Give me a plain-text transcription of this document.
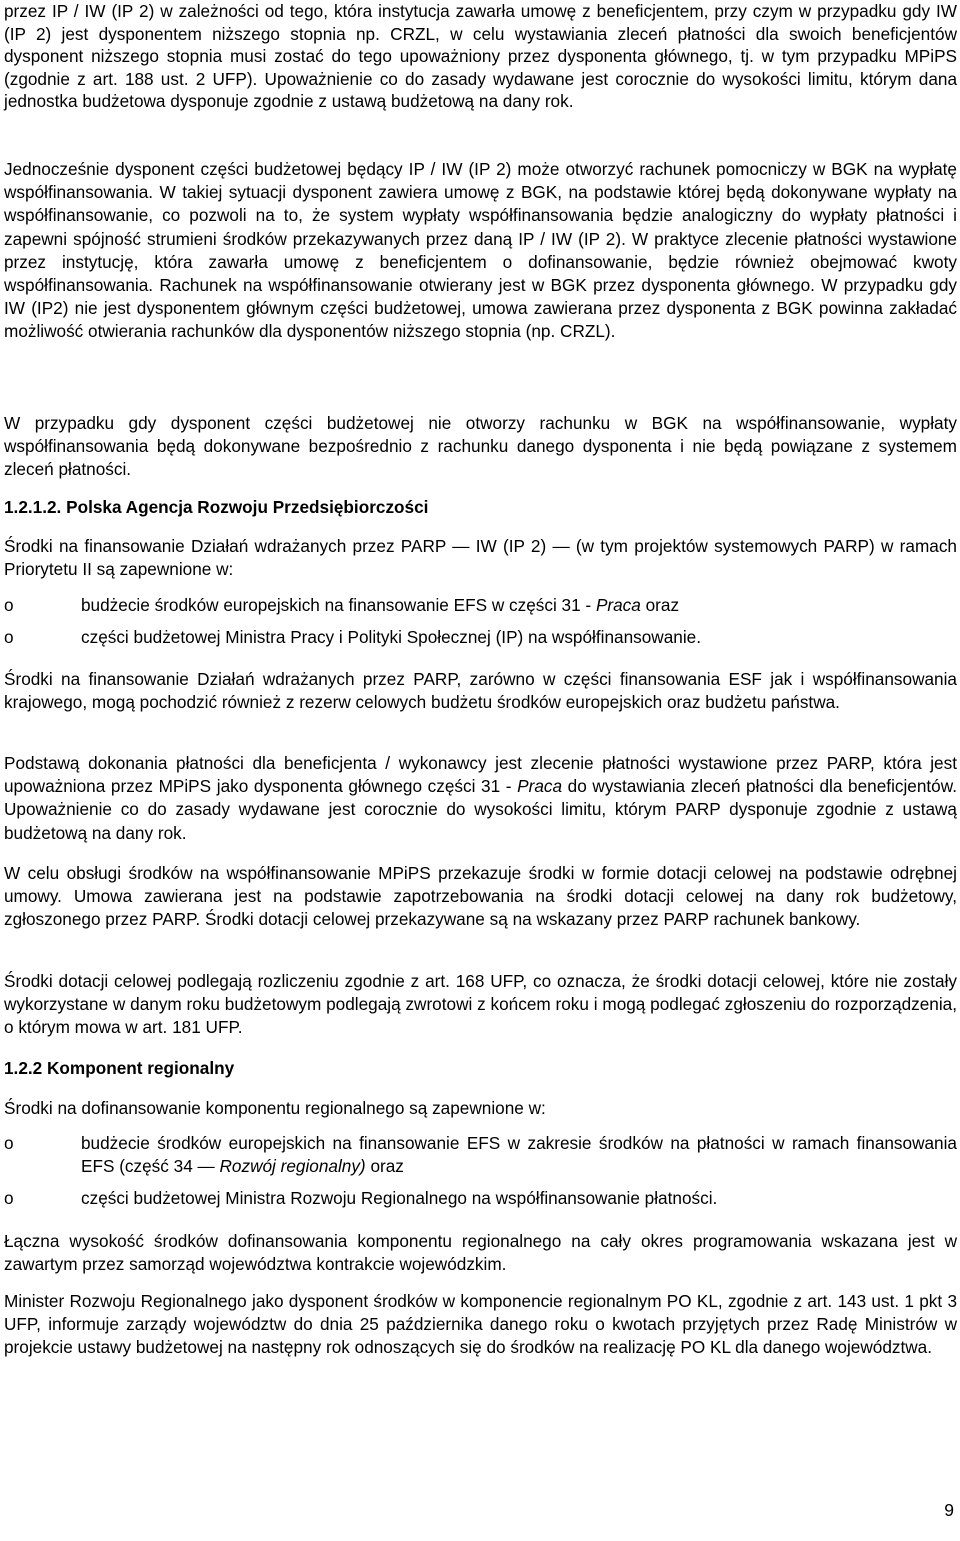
przez IP / IW (IP 2) w zależności od tego, która instytucja zawarła umowę z beneficjentem, przy czym w przypadku gdy IW (IP 2) jest dysponentem niższego stopnia np. CRZL, w celu wystawiania zleceń płatności dla swoich beneficjentów dysponent niższego stopnia musi zostać do tego upoważniony przez dysponenta głównego, tj. w tym przypadku MPiPS (zgodnie z art. 188 ust. 2 UFP). Upoważnienie co do zasady wydawane jest corocznie do wysokości limitu, którym dana jednostka budżetowa dysponuje zgodnie z ustawą budżetową na dany rok.

Jednocześnie dysponent części budżetowej będący IP / IW (IP 2) może otworzyć rachunek pomocniczy w BGK na wypłatę współfinansowania. W takiej sytuacji dysponent zawiera umowę z BGK, na podstawie której będą dokonywane wypłaty na współfinansowanie, co pozwoli na to, że system wypłaty współfinansowania będzie analogiczny do wypłaty płatności i zapewni spójność strumieni środków przekazywanych przez daną IP / IW (IP 2). W praktyce zlecenie płatności wystawione przez instytucję, która zawarła umowę z beneficjentem o dofinansowanie, będzie również obejmować kwoty współfinansowania. Rachunek na współfinansowanie otwierany jest w BGK przez dysponenta głównego. W przypadku gdy IW (IP2) nie jest dysponentem głównym części budżetowej, umowa zawierana przez dysponenta z BGK powinna zakładać możliwość otwierania rachunków dla dysponentów niższego stopnia (np. CRZL).

W przypadku gdy dysponent części budżetowej nie otworzy rachunku w BGK na współfinansowanie, wypłaty współfinansowania będą dokonywane bezpośrednio z rachunku danego dysponenta i nie będą powiązane z systemem zleceń płatności.

1.2.1.2. Polska Agencja Rozwoju Przedsiębiorczości

Środki na finansowanie Działań wdrażanych przez PARP ― IW (IP 2) ― (w tym projektów systemowych PARP) w ramach Priorytetu II są zapewnione w:

o	budżecie środków europejskich na finansowanie EFS w części 31 - Praca oraz
o	części budżetowej Ministra Pracy i Polityki Społecznej (IP) na współfinansowanie.

Środki na finansowanie Działań wdrażanych przez PARP, zarówno w części finansowania ESF jak i współfinansowania krajowego, mogą pochodzić również z rezerw celowych budżetu środków europejskich oraz budżetu państwa.

Podstawą dokonania płatności dla beneficjenta / wykonawcy jest zlecenie płatności wystawione przez PARP, która jest upoważniona przez MPiPS jako dysponenta głównego części 31 - Praca do wystawiania zleceń płatności dla beneficjentów. Upoważnienie co do zasady wydawane jest corocznie do wysokości limitu, którym PARP dysponuje zgodnie z ustawą budżetową na dany rok.

W celu obsługi środków na współfinansowanie MPiPS przekazuje środki w formie dotacji celowej na podstawie odrębnej umowy. Umowa zawierana jest na podstawie zapotrzebowania na środki dotacji celowej na dany rok budżetowy, zgłoszonego przez PARP. Środki dotacji celowej przekazywane są na wskazany przez PARP rachunek bankowy.

Środki dotacji celowej podlegają rozliczeniu zgodnie z art. 168 UFP, co oznacza, że środki dotacji celowej, które nie zostały wykorzystane w danym roku budżetowym podlegają zwrotowi z końcem roku i mogą podlegać zgłoszeniu do rozporządzenia, o którym mowa w art. 181 UFP.

1.2.2 Komponent regionalny

Środki na dofinansowanie komponentu regionalnego są zapewnione w:

o	budżecie środków europejskich na finansowanie EFS w zakresie środków na płatności w ramach finansowania EFS (część 34 ― Rozwój regionalny) oraz
o	części budżetowej Ministra Rozwoju Regionalnego na współfinansowanie płatności.

Łączna wysokość środków dofinansowania komponentu regionalnego na cały okres programowania wskazana jest w zawartym przez samorząd województwa kontrakcie wojewódzkim.

Minister Rozwoju Regionalnego jako dysponent środków w komponencie regionalnym PO KL, zgodnie z art. 143 ust. 1 pkt 3 UFP, informuje zarządy województw do dnia 25 października danego roku o kwotach przyjętych przez Radę Ministrów w projekcie ustawy budżetowej na następny rok odnoszących się do środków na realizację PO KL dla danego województwa.

9
